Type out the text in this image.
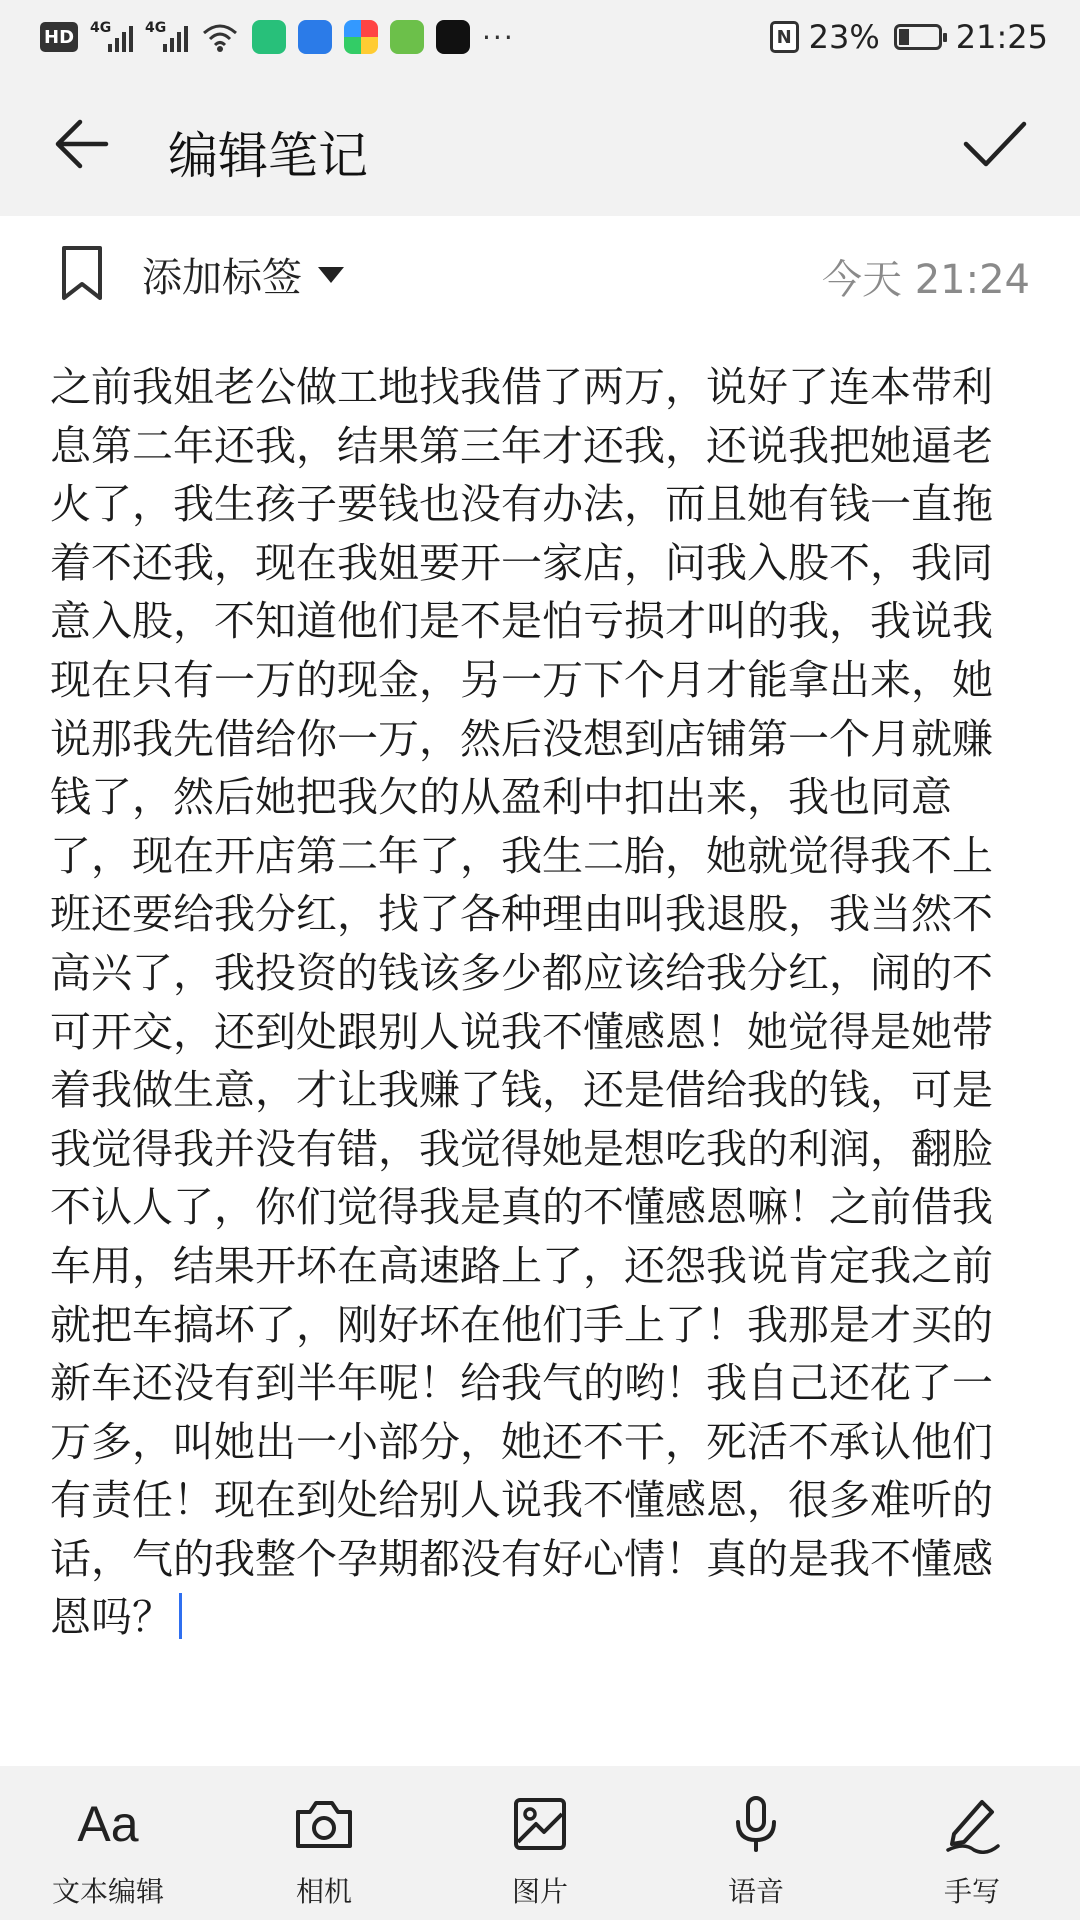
HD 4G 4G	···	N 23% 21:25
编辑笔记
添加标签	今天 21:24
之前我姐老公做工地找我借了两万，说好了连本带利息第二年还我，结果第三年才还我，还说我把她逼老火了，我生孩子要钱也没有办法，而且她有钱一直拖着不还我，现在我姐要开一家店，问我入股不，我同意入股，不知道他们是不是怕亏损才叫的我，我说我现在只有一万的现金，另一万下个月才能拿出来，她说那我先借给你一万，然后没想到店铺第一个月就赚钱了，然后她把我欠的从盈利中扣出来，我也同意了，现在开店第二年了，我生二胎，她就觉得我不上班还要给我分红，找了各种理由叫我退股，我当然不高兴了，我投资的钱该多少都应该给我分红，闹的不可开交，还到处跟别人说我不懂感恩！她觉得是她带着我做生意，才让我赚了钱，还是借给我的钱，可是我觉得我并没有错，我觉得她是想吃我的利润，翻脸不认人了，你们觉得我是真的不懂感恩嘛！之前借我车用，结果开坏在高速路上了，还怨我说肯定我之前就把车搞坏了，刚好坏在他们手上了！我那是才买的新车还没有到半年呢！给我气的哟！我自己还花了一万多，叫她出一小部分，她还不干，死活不承认他们有责任！现在到处给别人说我不懂感恩，很多难听的话，气的我整个孕期都没有好心情！真的是我不懂感恩吗？
Aa
文本编辑	相机	图片	语音	手写
